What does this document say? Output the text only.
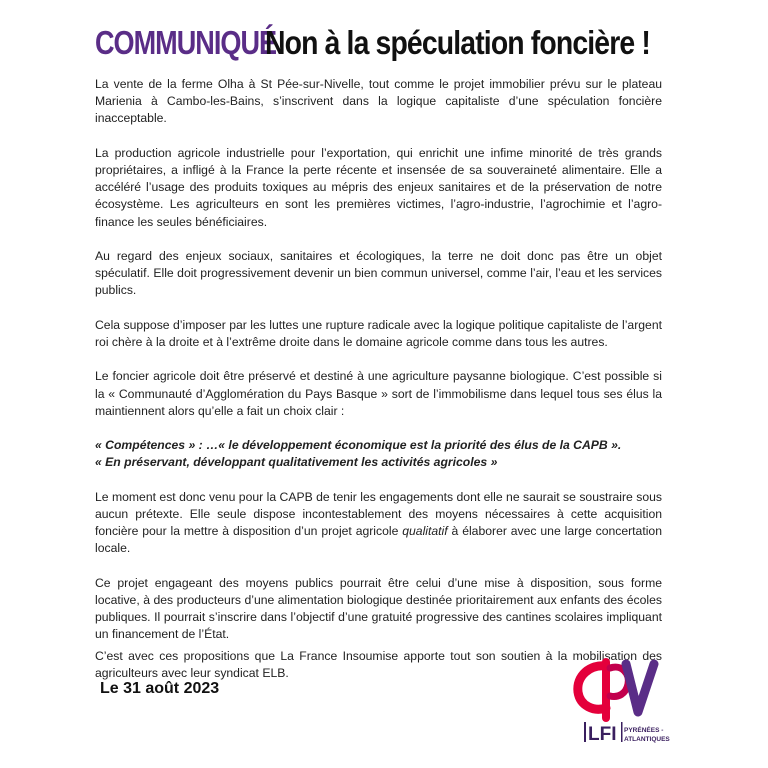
COMMUNIQUÉ
Non à la spéculation foncière !

La vente de la ferme Olha à St Pée-sur-Nivelle, tout comme le projet immobilier prévu sur le plateau Marienia à Cambo-les-Bains, s’inscrivent dans la logique capitaliste d’une spéculation foncière inacceptable.

La production agricole industrielle pour l’exportation, qui enrichit une infime minorité de très grands propriétaires, a infligé à la France la perte récente et insensée de sa souveraineté alimentaire. Elle a accéléré l’usage des produits toxiques au mépris des enjeux sanitaires et de la préservation de notre écosystème. Les agriculteurs en sont les premières victimes, l’agro-industrie, l’agrochimie et l’agro-finance les seules bénéficiaires.

Au regard des enjeux sociaux, sanitaires et écologiques, la terre ne doit donc pas être un objet spéculatif. Elle doit progressivement devenir un bien commun universel, comme l’air, l’eau et les services publics.

Cela suppose d’imposer par les luttes une rupture radicale avec la logique politique capitaliste de l’argent roi chère à la droite et à l’extrême droite dans le domaine agricole comme dans tous les autres.

Le foncier agricole doit être préservé et destiné à une agriculture paysanne biologique. C’est possible si la « Communauté d’Agglomération du Pays Basque » sort de l’immobilisme dans lequel tous ses élus la maintiennent alors qu’elle a fait un choix clair :

« Compétences » : …« le développement économique est la priorité des élus de la CAPB ».
« En préservant, développant qualitativement les activités agricoles »

Le moment est donc venu pour la CAPB de tenir les engagements dont elle ne saurait se soustraire sous aucun prétexte. Elle seule dispose incontestablement des moyens nécessaires à cette acquisition foncière pour la mettre à disposition d’un projet agricole qualitatif à élaborer avec une large concertation locale.

Ce projet engageant des moyens publics pourrait être celui d’une mise à disposition, sous forme locative, à des producteurs d’une alimentation biologique destinée prioritairement aux enfants des écoles publiques. Il pourrait s’inscrire dans l’objectif d’une gratuité progressive des cantines scolaires impliquant un financement de l’État.

C’est avec ces propositions que La France Insoumise apporte tout son soutien à la mobilisation des agriculteurs avec leur syndicat ELB.

Le 31 août 2023
LFI PYRÉNÉES -
ATLANTIQUES
